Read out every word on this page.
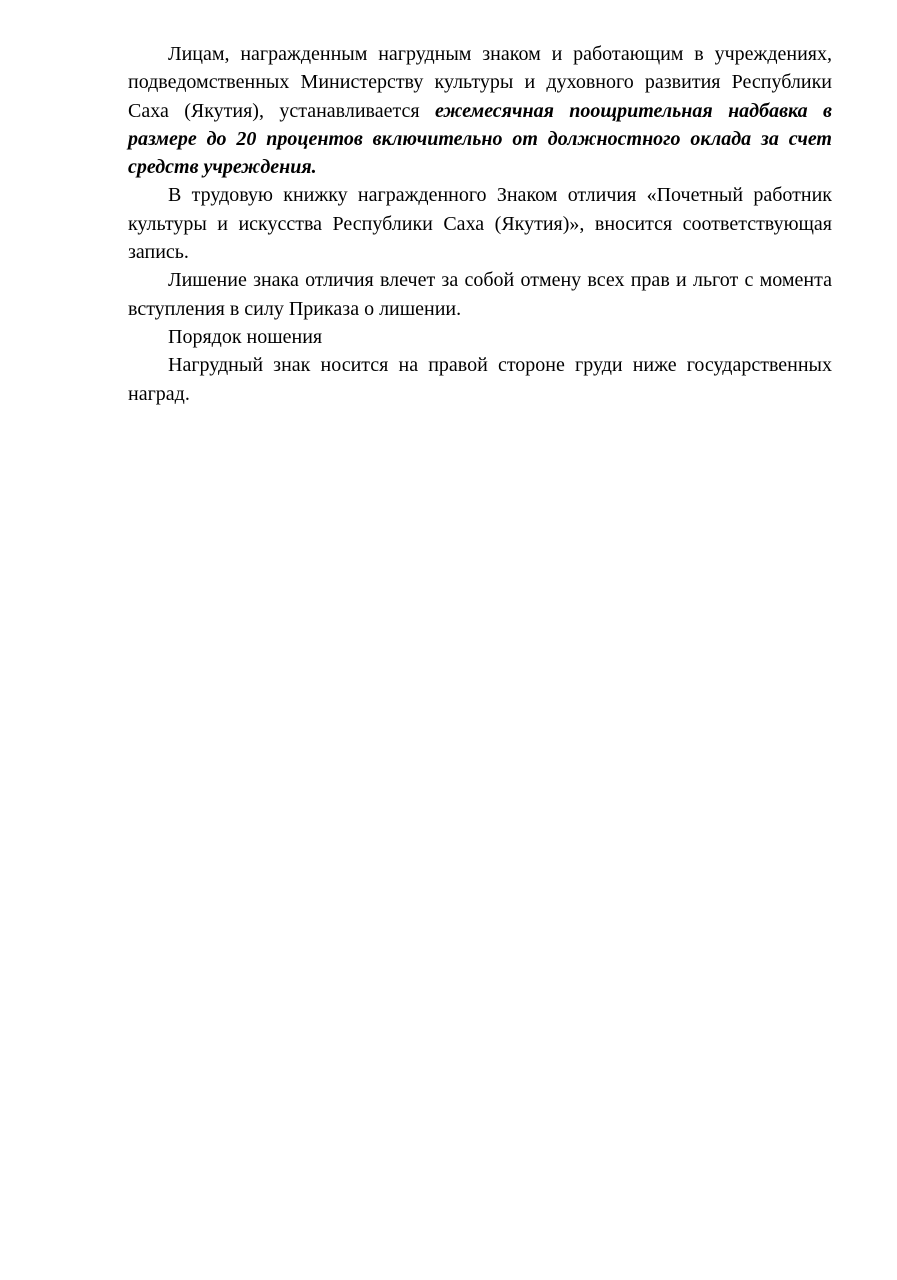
Лицам, награжденным нагрудным знаком и работающим в учреждениях, подведомственных Министерству культуры и духовного развития Республики Саха (Якутия), устанавливается ежемесячная поощрительная надбавка в размере до 20 процентов включительно от должностного оклада за счет средств учреждения.

В трудовую книжку награжденного Знаком отличия «Почетный работник культуры и искусства Республики Саха (Якутия)», вносится соответствующая запись.

Лишение знака отличия влечет за собой отмену всех прав и льгот с момента вступления в силу Приказа о лишении.

Порядок ношения

Нагрудный знак носится на правой стороне груди ниже государственных наград.
